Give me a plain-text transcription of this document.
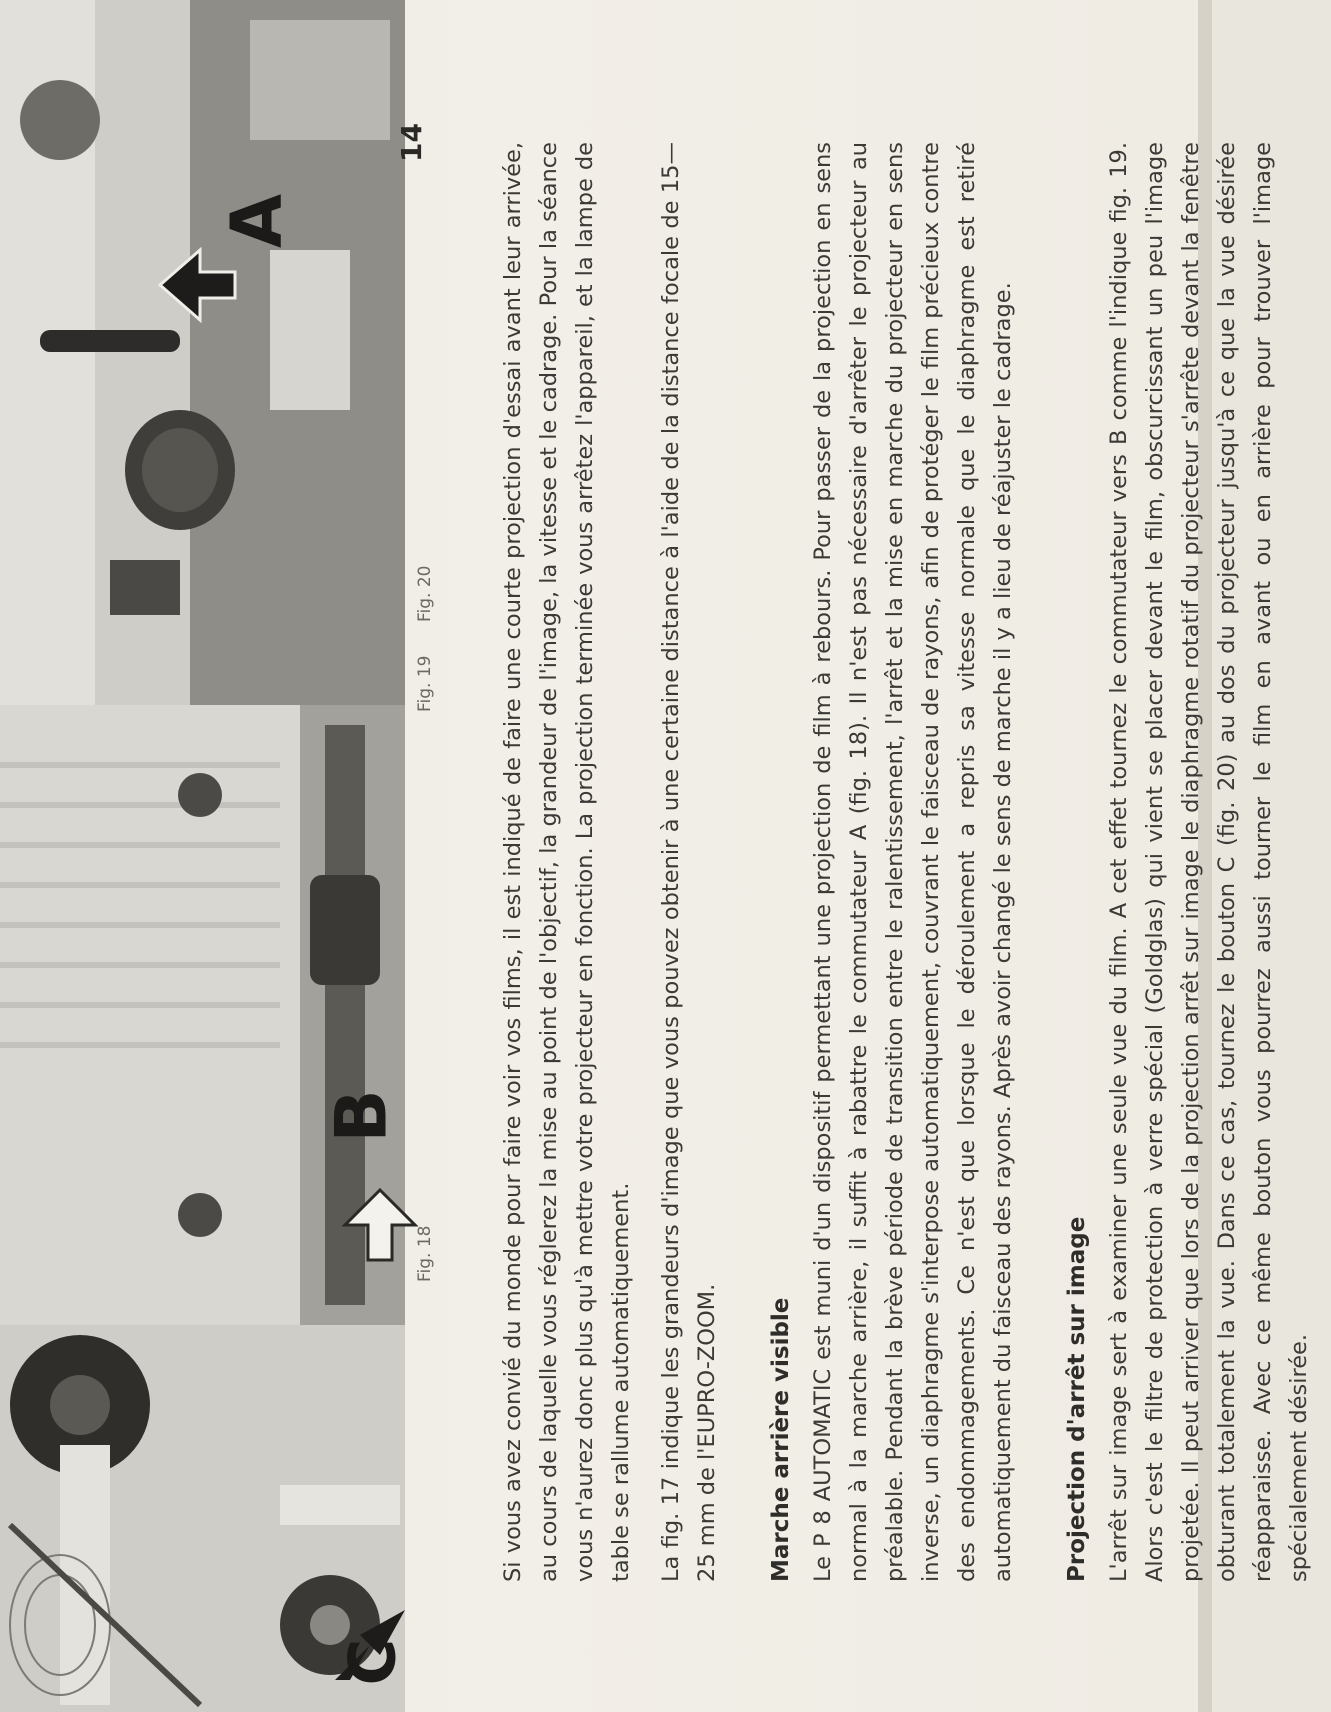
A
B
C
Fig. 18
Fig. 19
Fig. 20	Si vous avez convié du monde pour faire voir vos films, il est indiqué de faire une courte projection d'essai avant leur arrivée, au cours de laquelle vous réglerez la mise au point de l'objectif, la grandeur de l'image, la vitesse et le cadrage. Pour la séance vous n'aurez donc plus qu'à mettre votre projecteur en fonction. La projection terminée vous arrêtez l'appareil, et la lampe de table se rallume automatiquement. La fig. 17 indique les grandeurs d'image que vous pouvez obtenir à une certaine distance à l'aide de la distance focale de 15—25 mm de l'EUPRO-ZOOM. Marche arrière visible Le P 8 AUTOMATIC est muni d'un dispositif permettant une projection de film à rebours. Pour passer de la projection en sens normal à la marche arrière, il suffit à rabattre le commutateur A (fig. 18). Il n'est pas nécessaire d'arrêter le projecteur au préalable. Pendant la brève période de transition entre le ralentissement, l'arrêt et la mise en marche du projecteur en sens inverse, un diaphragme s'interpose automatiquement, couvrant le faisceau de rayons, afin de protéger le film précieux contre des endommagements. Ce n'est que lorsque le déroulement a repris sa vitesse normale que le diaphragme est retiré automatiquement du faisceau des rayons. Après avoir changé le sens de marche il y a lieu de réajuster le cadrage. Projection d'arrêt sur image L'arrêt sur image sert à examiner une seule vue du film. A cet effet tournez le commutateur vers B comme l'indique fig. 19. Alors c'est le filtre de protection à verre spécial (Goldglas) qui vient se placer devant le film, obscurcissant un peu l'image projetée. Il peut arriver que lors de la projection arrêt sur image le diaphragme rotatif du projecteur s'arrête devant la fenêtre obturant totalement la vue. Dans ce cas, tournez le bouton C (fig. 20) au dos du projecteur jusqu'à ce que la vue désirée réapparaisse. Avec ce même bouton vous pourrez aussi tourner le film en avant ou en arrière pour trouver l'image spécialement désirée.

14
